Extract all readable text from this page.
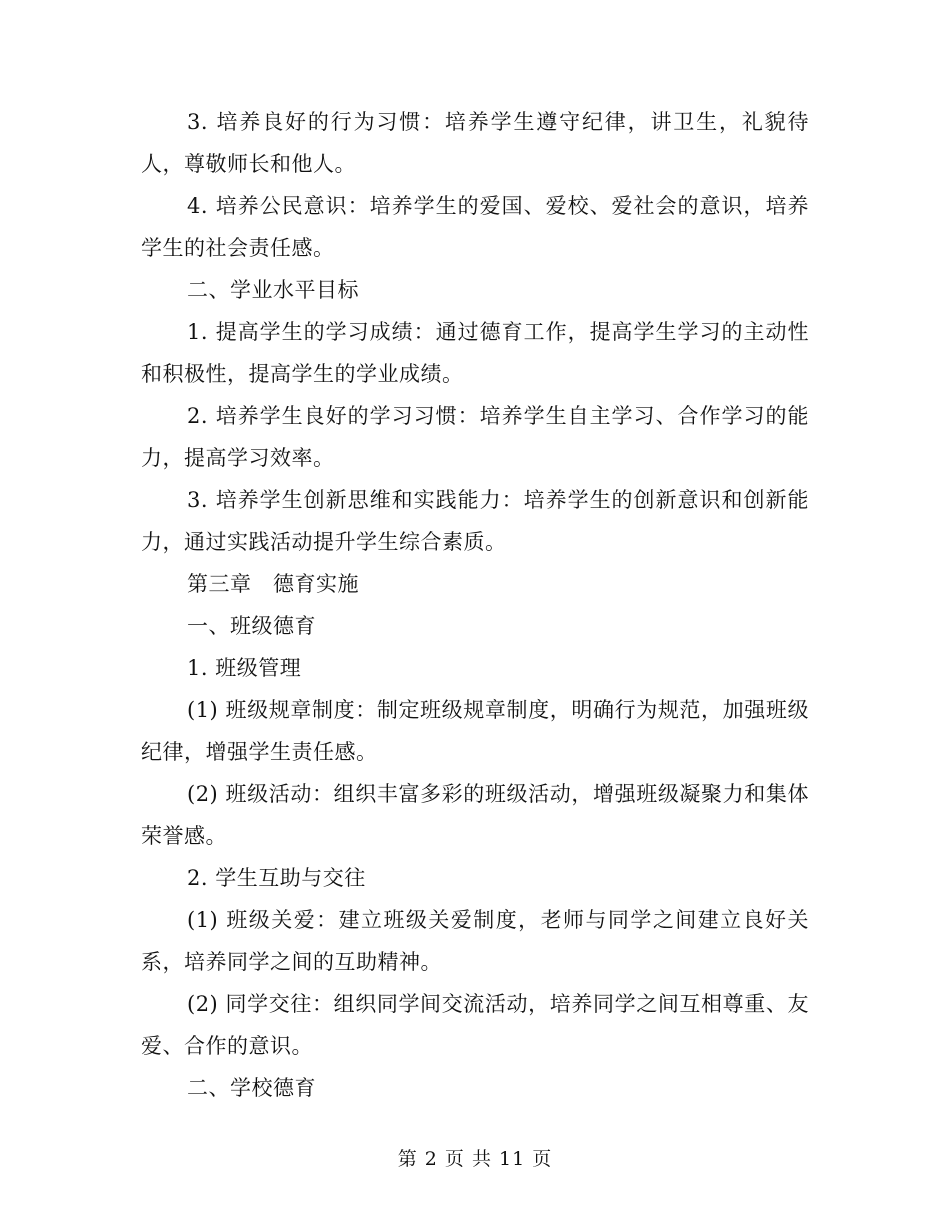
3. 培养良好的行为习惯：培养学生遵守纪律，讲卫生，礼貌待人，尊敬师长和他人。

4. 培养公民意识：培养学生的爱国、爱校、爱社会的意识，培养学生的社会责任感。

二、学业水平目标

1. 提高学生的学习成绩：通过德育工作，提高学生学习的主动性和积极性，提高学生的学业成绩。

2. 培养学生良好的学习习惯：培养学生自主学习、合作学习的能力，提高学习效率。

3. 培养学生创新思维和实践能力：培养学生的创新意识和创新能力，通过实践活动提升学生综合素质。

第三章　德育实施

一、班级德育

1. 班级管理

(1) 班级规章制度：制定班级规章制度，明确行为规范，加强班级纪律，增强学生责任感。

(2) 班级活动：组织丰富多彩的班级活动，增强班级凝聚力和集体荣誉感。

2. 学生互助与交往

(1) 班级关爱：建立班级关爱制度，老师与同学之间建立良好关系，培养同学之间的互助精神。

(2) 同学交往：组织同学间交流活动，培养同学之间互相尊重、友爱、合作的意识。

二、学校德育

第 2 页 共 11 页
